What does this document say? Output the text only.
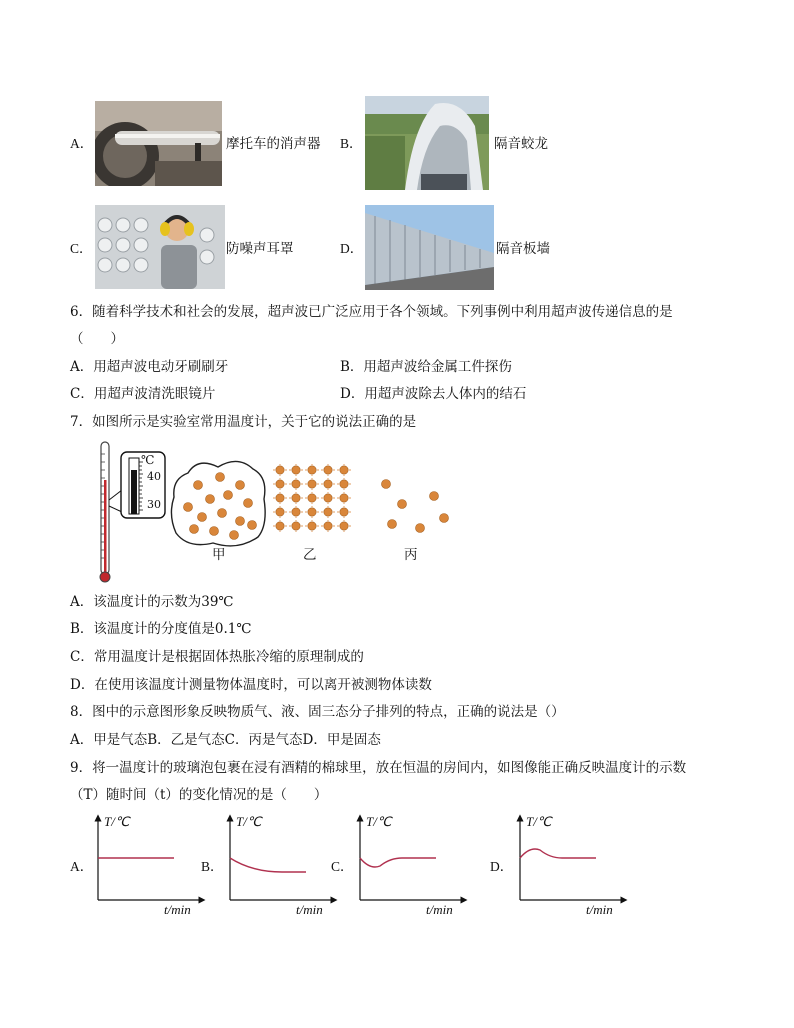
A．	摩托车的消声器 B．	隔音蛟龙
C．	防噪声耳罩	D．	隔音板墙
6．随着科学技术和社会的发展，超声波已广泛应用于各个领域。下列事例中利用超声波传递信息的是
（　　）
A．用超声波电动牙刷刷牙	B．用超声波给金属工件探伤
C．用超声波清洗眼镜片	D．用超声波除去人体内的结石
7．如图所示是实验室常用温度计，关于它的说法正确的是
℃
40
30
甲	乙	丙
A．该温度计的示数为39℃
B．该温度计的分度值是0.1℃
C．常用温度计是根据固体热胀冷缩的原理制成的
D．在使用该温度计测量物体温度时，可以离开被测物体读数
8．图中的示意图形象反映物质气、液、固三态分子排列的特点，正确的说法是（）
A．甲是气态B．乙是气态C．丙是气态D．甲是固态
9．将一温度计的玻璃泡包裹在浸有酒精的棉球里，放在恒温的房间内，如图像能正确反映温度计的示数
（T）随时间（t）的变化情况的是（　　）
A．
T/℃
t/min
B．
T/℃
t/min
C．
T/℃
t/min
D．
T/℃
t/min
